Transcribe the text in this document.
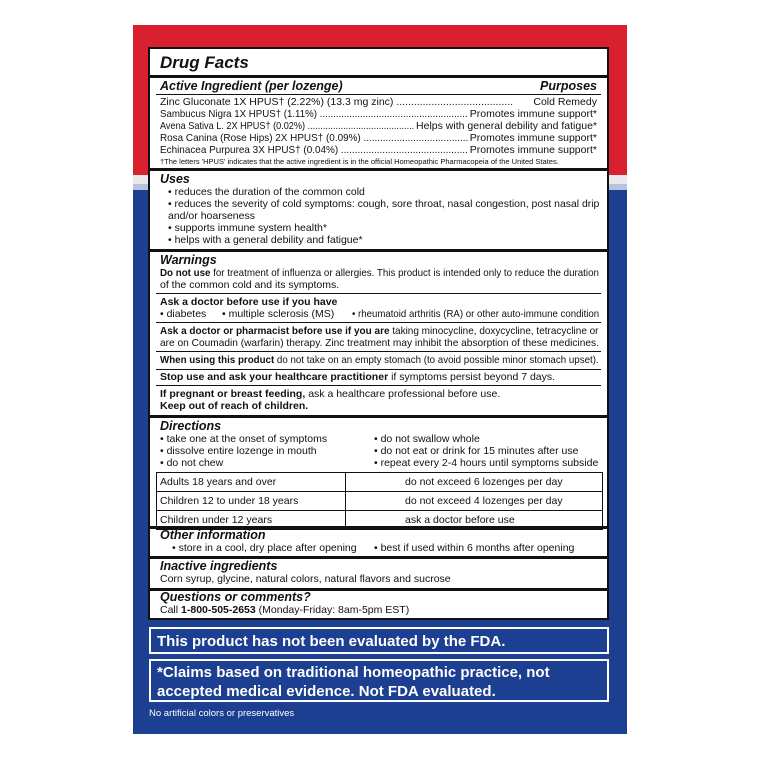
Drug Facts
Active Ingredient (per lozenge)	Purposes
Zinc Gluconate 1X HPUS† (2.22%) (13.3 mg zinc) ........................................ Cold Remedy
Sambucus Nigra 1X HPUS† (1.11%) ....................................................... Promotes immune support*
Avena Sativa L. 2X HPUS† (0.02%) .......................................... Helps with general debility and fatigue*
Rosa Canina (Rose Hips) 2X HPUS† (0.09%) ...................................... Promotes immune support*
Echinacea Purpurea 3X HPUS† (0.04%) .............................................. Promotes immune support*
†The letters 'HPUS' indicates that the active ingredient is in the official Homeopathic Pharmacopeia of the United States.
Uses
• reduces the duration of the common cold
• reduces the severity of cold symptoms: cough, sore throat, nasal congestion, post nasal drip
and/or hoarseness
• supports immune system health*
• helps with a general debility and fatigue*
Warnings
Do not use for treatment of influenza or allergies. This product is intended only to reduce the duration
of the common cold and its symptoms.
Ask a doctor before use if you have
• diabetes • multiple sclerosis (MS) • rheumatoid arthritis (RA) or other auto-immune condition
Ask a doctor or pharmacist before use if you are taking minocycline, doxycycline, tetracycline or
are on Coumadin (warfarin) therapy. Zinc treatment may inhibit the absorption of these medicines.
When using this product do not take on an empty stomach (to avoid possible minor stomach upset).
Stop use and ask your healthcare practitioner if symptoms persist beyond 7 days.
If pregnant or breast feeding, ask a healthcare professional before use.
Keep out of reach of children.
Directions
• take one at the onset of symptoms
• dissolve entire lozenge in mouth
• do not chew
• do not swallow whole
• do not eat or drink for 15 minutes after use
• repeat every 2-4 hours until symptoms subside
Adults 18 years and over	do not exceed 6 lozenges per day
Children 12 to under 18 years	do not exceed 4 lozenges per day
Children under 12 years	ask a doctor before use
Other information
• store in a cool, dry place after opening • best if used within 6 months after opening
Inactive ingredients
Corn syrup, glycine, natural colors, natural flavors and sucrose
Questions or comments?
Call 1-800-505-2653 (Monday-Friday: 8am-5pm EST)
This product has not been evaluated by the FDA.
*Claims based on traditional homeopathic practice, not
accepted medical evidence. Not FDA evaluated.
No artificial colors or preservatives
